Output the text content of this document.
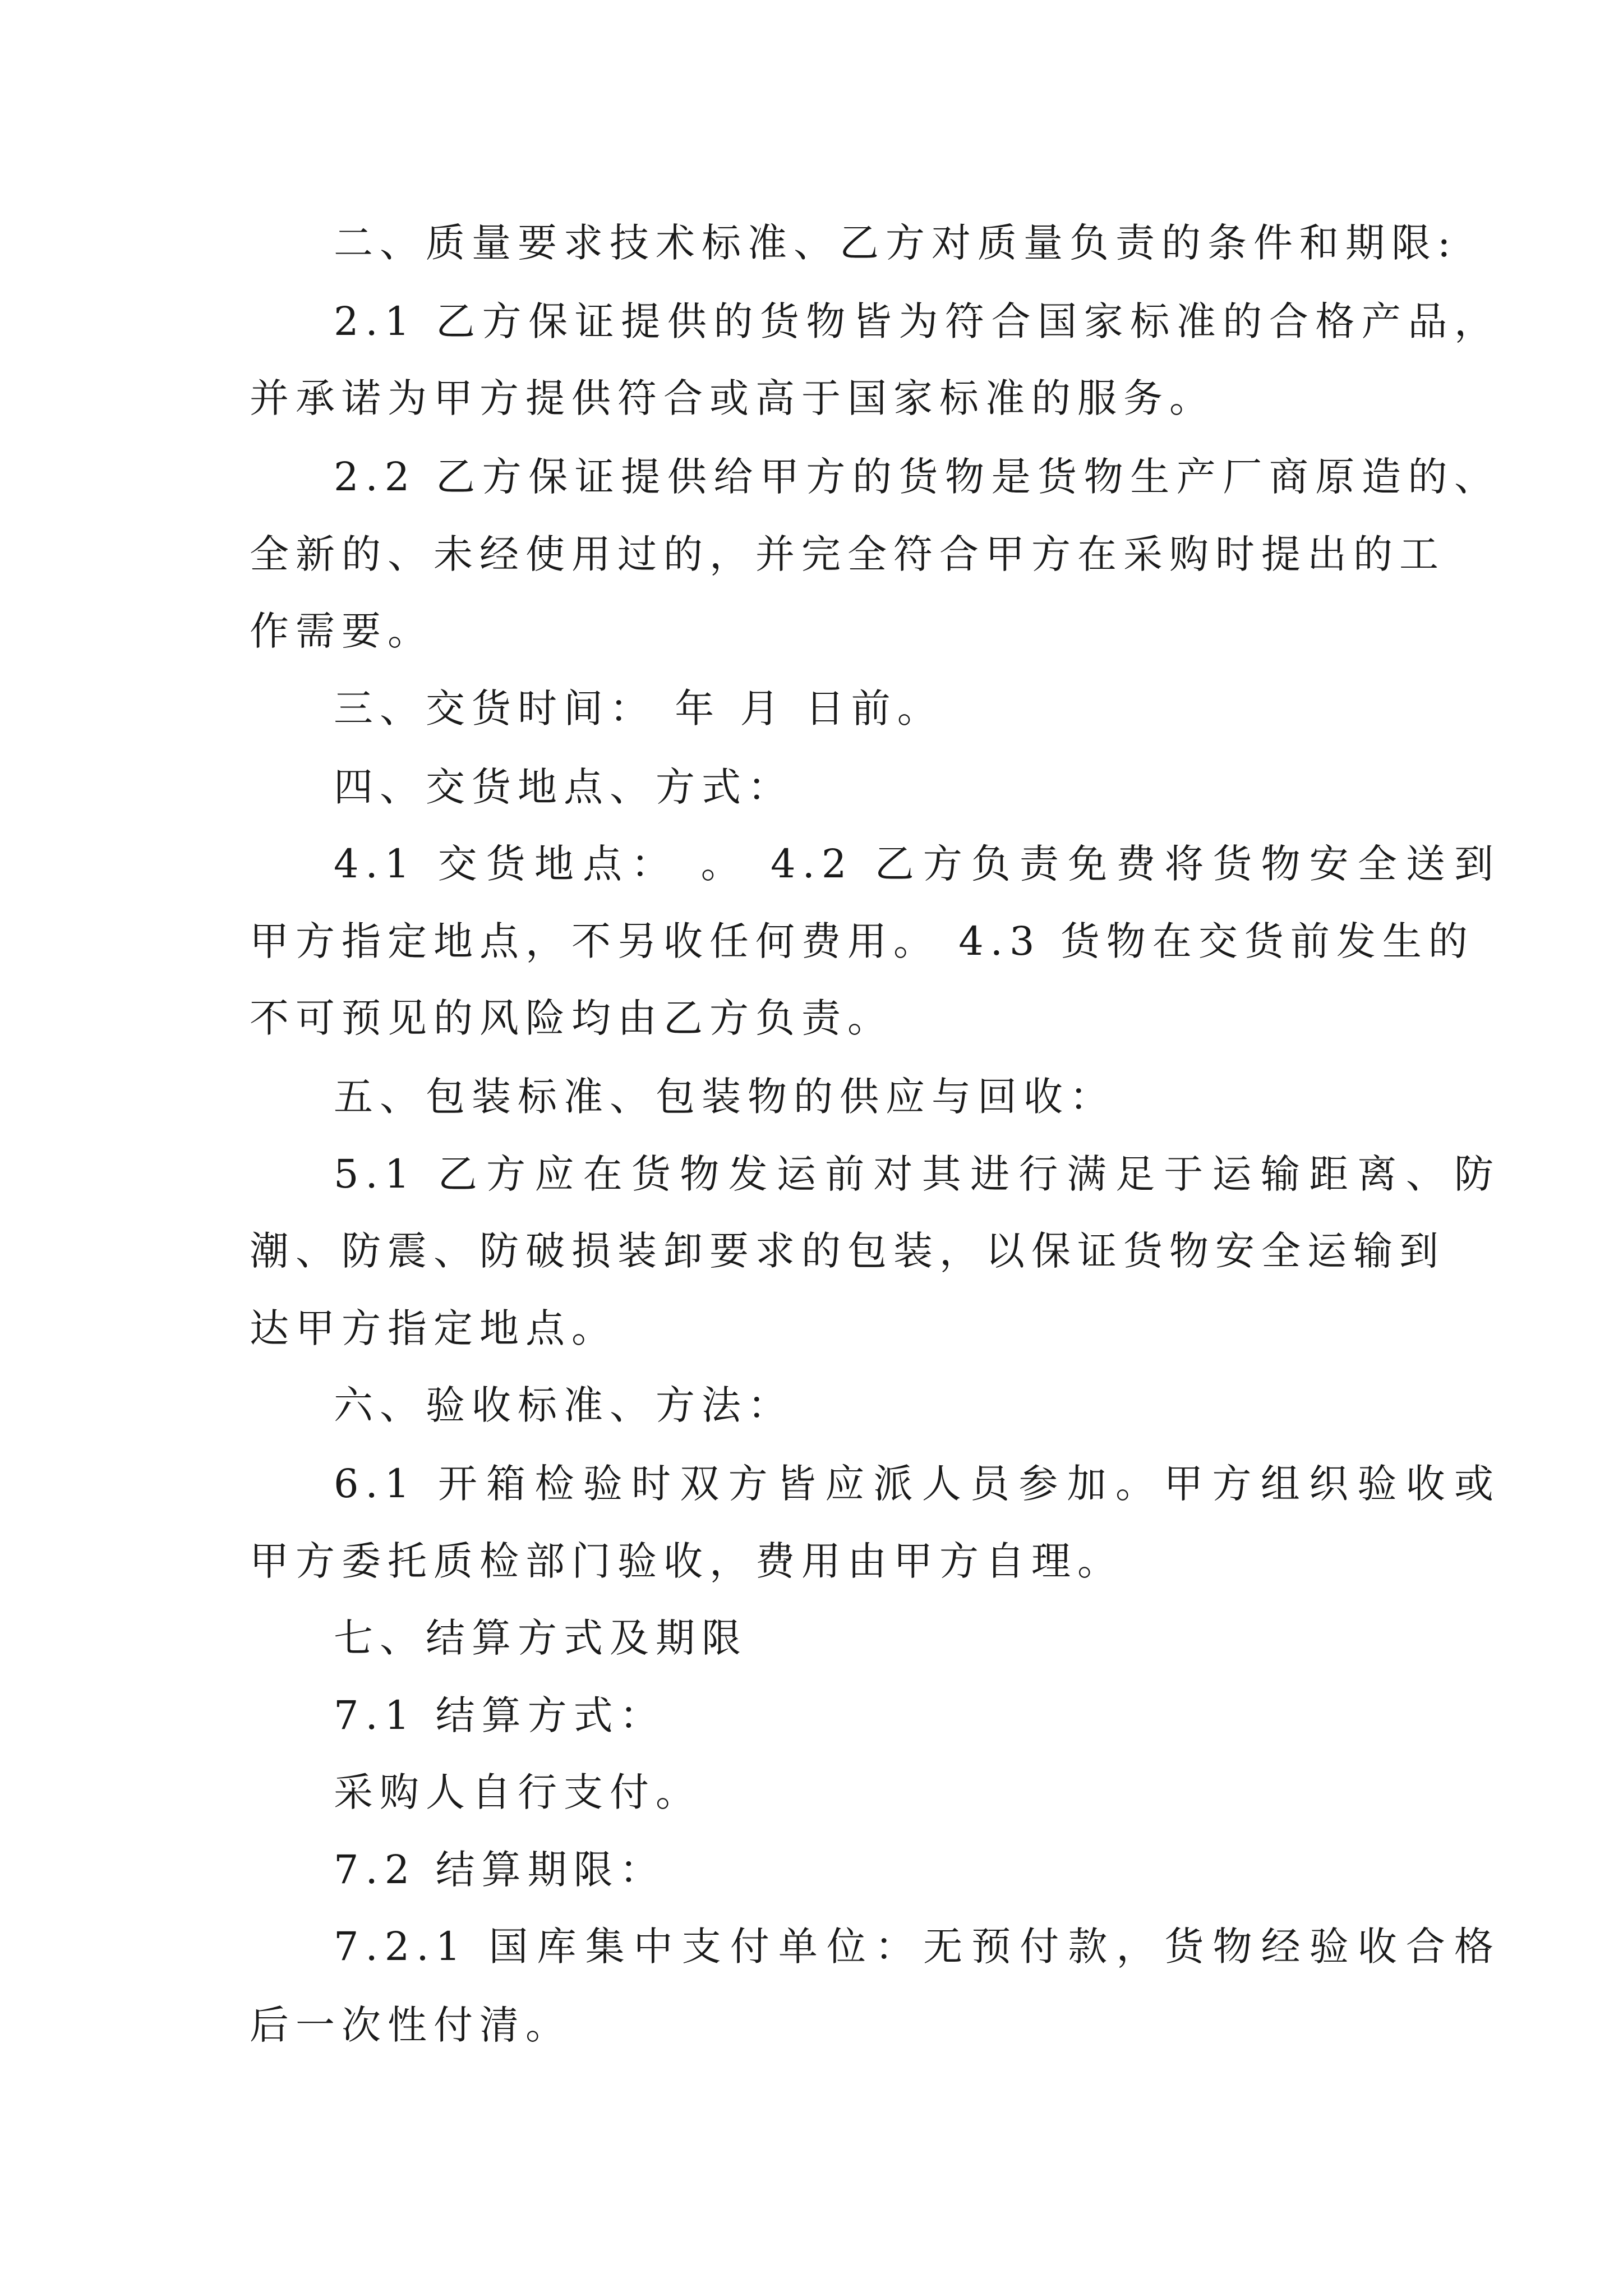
二、质量要求技术标准、乙方对质量负责的条件和期限:
2.1 乙方保证提供的货物皆为符合国家标准的合格产品，
并承诺为甲方提供符合或高于国家标准的服务。
2.2 乙方保证提供给甲方的货物是货物生产厂商原造的、
全新的、未经使用过的，并完全符合甲方在采购时提出的工
作需要。
三、交货时间： 年 月 日前。
四、交货地点、方式：
4.1 交货地点： 。 4.2 乙方负责免费将货物安全送到
甲方指定地点，不另收任何费用。 4.3 货物在交货前发生的
不可预见的风险均由乙方负责。
五、包装标准、包装物的供应与回收：
5.1 乙方应在货物发运前对其进行满足于运输距离、防
潮、防震、防破损装卸要求的包装，以保证货物安全运输到
达甲方指定地点。
六、验收标准、方法：
6.1 开箱检验时双方皆应派人员参加。甲方组织验收或
甲方委托质检部门验收，费用由甲方自理。
七、结算方式及期限
7.1 结算方式：
采购人自行支付。
7.2 结算期限：
7.2.1 国库集中支付单位：无预付款，货物经验收合格
后一次性付清。
